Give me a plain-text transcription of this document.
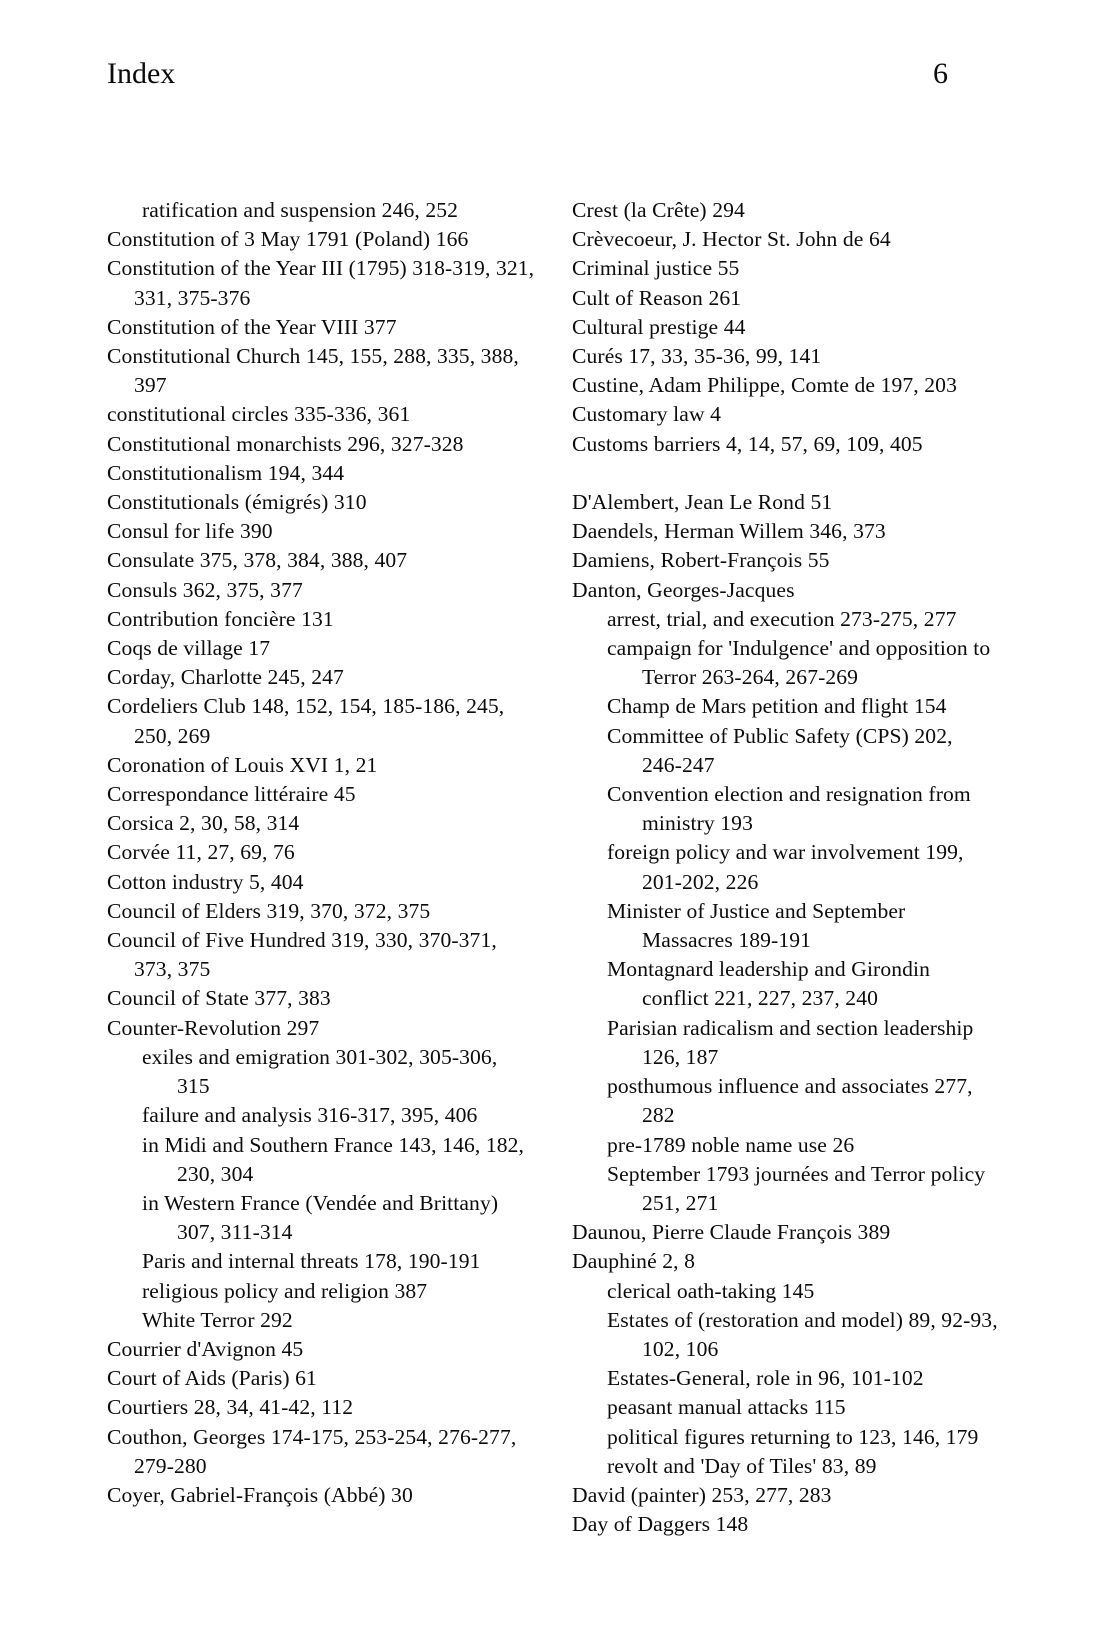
Index	6
ratification and suspension 246, 252
Constitution of 3 May 1791 (Poland) 166
Constitution of the Year III (1795) 318-319, 321,
331, 375-376
Constitution of the Year VIII 377
Constitutional Church 145, 155, 288, 335, 388,
397
constitutional circles 335-336, 361
Constitutional monarchists 296, 327-328
Constitutionalism 194, 344
Constitutionals (émigrés) 310
Consul for life 390
Consulate 375, 378, 384, 388, 407
Consuls 362, 375, 377
Contribution foncière 131
Coqs de village 17
Corday, Charlotte 245, 247
Cordeliers Club 148, 152, 154, 185-186, 245,
250, 269
Coronation of Louis XVI 1, 21
Correspondance littéraire 45
Corsica 2, 30, 58, 314
Corvée 11, 27, 69, 76
Cotton industry 5, 404
Council of Elders 319, 370, 372, 375
Council of Five Hundred 319, 330, 370-371,
373, 375
Council of State 377, 383
Counter-Revolution 297
exiles and emigration 301-302, 305-306,
315
failure and analysis 316-317, 395, 406
in Midi and Southern France 143, 146, 182,
230, 304
in Western France (Vendée and Brittany)
307, 311-314
Paris and internal threats 178, 190-191
religious policy and religion 387
White Terror 292
Courrier d'Avignon 45
Court of Aids (Paris) 61
Courtiers 28, 34, 41-42, 112
Couthon, Georges 174-175, 253-254, 276-277,
279-280
Coyer, Gabriel-François (Abbé) 30
Crest (la Crête) 294
Crèvecoeur, J. Hector St. John de 64
Criminal justice 55
Cult of Reason 261
Cultural prestige 44
Curés 17, 33, 35-36, 99, 141
Custine, Adam Philippe, Comte de 197, 203
Customary law 4
Customs barriers 4, 14, 57, 69, 109, 405

D'Alembert, Jean Le Rond 51
Daendels, Herman Willem 346, 373
Damiens, Robert-François 55
Danton, Georges-Jacques
arrest, trial, and execution 273-275, 277
campaign for 'Indulgence' and opposition to
Terror 263-264, 267-269
Champ de Mars petition and flight 154
Committee of Public Safety (CPS) 202,
246-247
Convention election and resignation from
ministry 193
foreign policy and war involvement 199,
201-202, 226
Minister of Justice and September
Massacres 189-191
Montagnard leadership and Girondin
conflict 221, 227, 237, 240
Parisian radicalism and section leadership
126, 187
posthumous influence and associates 277,
282
pre-1789 noble name use 26
September 1793 journées and Terror policy
251, 271
Daunou, Pierre Claude François 389
Dauphiné 2, 8
clerical oath-taking 145
Estates of (restoration and model) 89, 92-93,
102, 106
Estates-General, role in 96, 101-102
peasant manual attacks 115
political figures returning to 123, 146, 179
revolt and 'Day of Tiles' 83, 89
David (painter) 253, 277, 283
Day of Daggers 148
